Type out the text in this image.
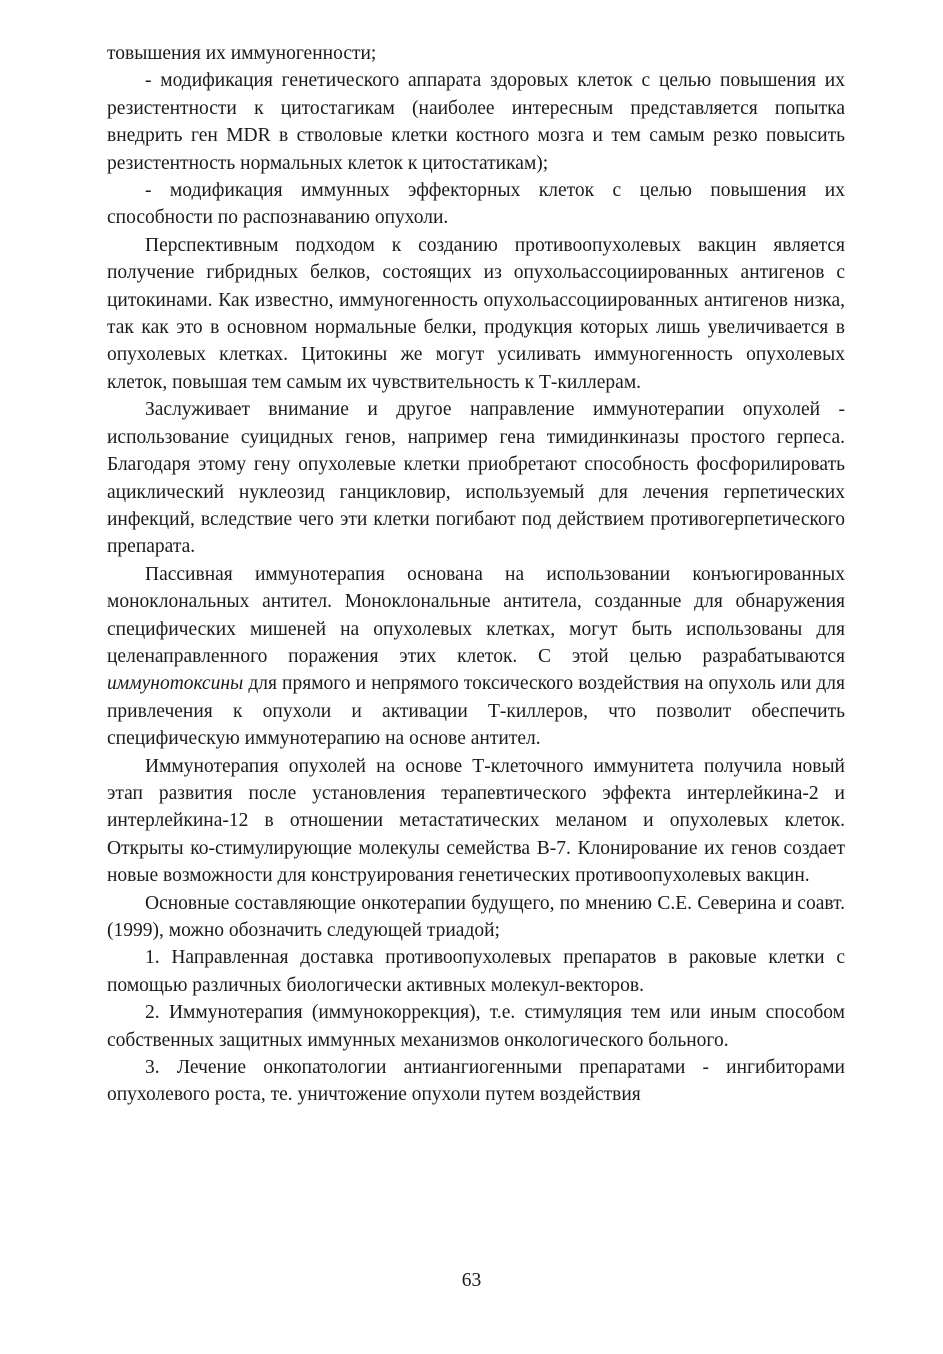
товышения их иммуногенности;

- модификация генетического аппарата здоровых клеток с целью повышения их резистентности к цитостагикам (наиболее интересным представляется попытка внедрить ген MDR в стволовые клетки костного мозга и тем самым резко повысить резистентность нормальных клеток к цитостатикам);

- модификация иммунных эффекторных клеток с целью повышения их способности по распознаванию опухоли.

Перспективным подходом к созданию противоопухолевых вакцин является получение гибридных белков, состоящих из опухольассоциированных антигенов с цитокинами. Как известно, иммуногенность опухольассоциированных антигенов низка, так как это в основном нормальные белки, продукция которых лишь увеличивается в опухолевых клетках. Цитокины же могут усиливать иммуногенность опухолевых клеток, повышая тем самым их чувствительность к Т-киллерам.

Заслуживает внимание и другое направление иммунотерапии опухолей - использование суицидных генов, например гена тимидинкиназы простого герпеса. Благодаря этому гену опухолевые клетки приобретают способность фосфорилировать ациклический нуклеозид ганцикловир, используемый для лечения герпетических инфекций, вследствие чего эти клетки погибают под действием противогерпетического препарата.

Пассивная иммунотерапия основана на использовании конъюгированных моноклональных антител. Моноклональные антитела, созданные для обнаружения специфических мишеней на опухолевых клетках, могут быть использованы для целенаправленного поражения этих клеток. С этой целью разрабатываются иммунотоксины для прямого и непрямого токсического воздействия на опухоль или для привлечения к опухоли и активации Т-киллеров, что позволит обеспечить специфическую иммунотерапию на основе антител.

Иммунотерапия опухолей на основе Т-клеточного иммунитета получила новый этап развития после установления терапевтического эффекта интерлейкина-2 и интерлейкина-12 в отношении метастатических меланом и опухолевых клеток. Открыты ко-стимулирующие молекулы семейства В-7. Клонирование их генов создает новые возможности для конструирования генетических противоопухолевых вакцин.

Основные составляющие онкотерапии будущего, по мнению С.Е. Северина и соавт. (1999), можно обозначить следующей триадой;

1. Направленная доставка противоопухолевых препаратов в раковые клетки с помощью различных биологически активных молекул-векторов.

2. Иммунотерапия (иммунокоррекция), т.е. стимуляция тем или иным способом собственных защитных иммунных механизмов онкологического больного.

3. Лечение онкопатологии антиангиогенными препаратами - ингибиторами опухолевого роста, те. уничтожение опухоли путем воздействия

63
